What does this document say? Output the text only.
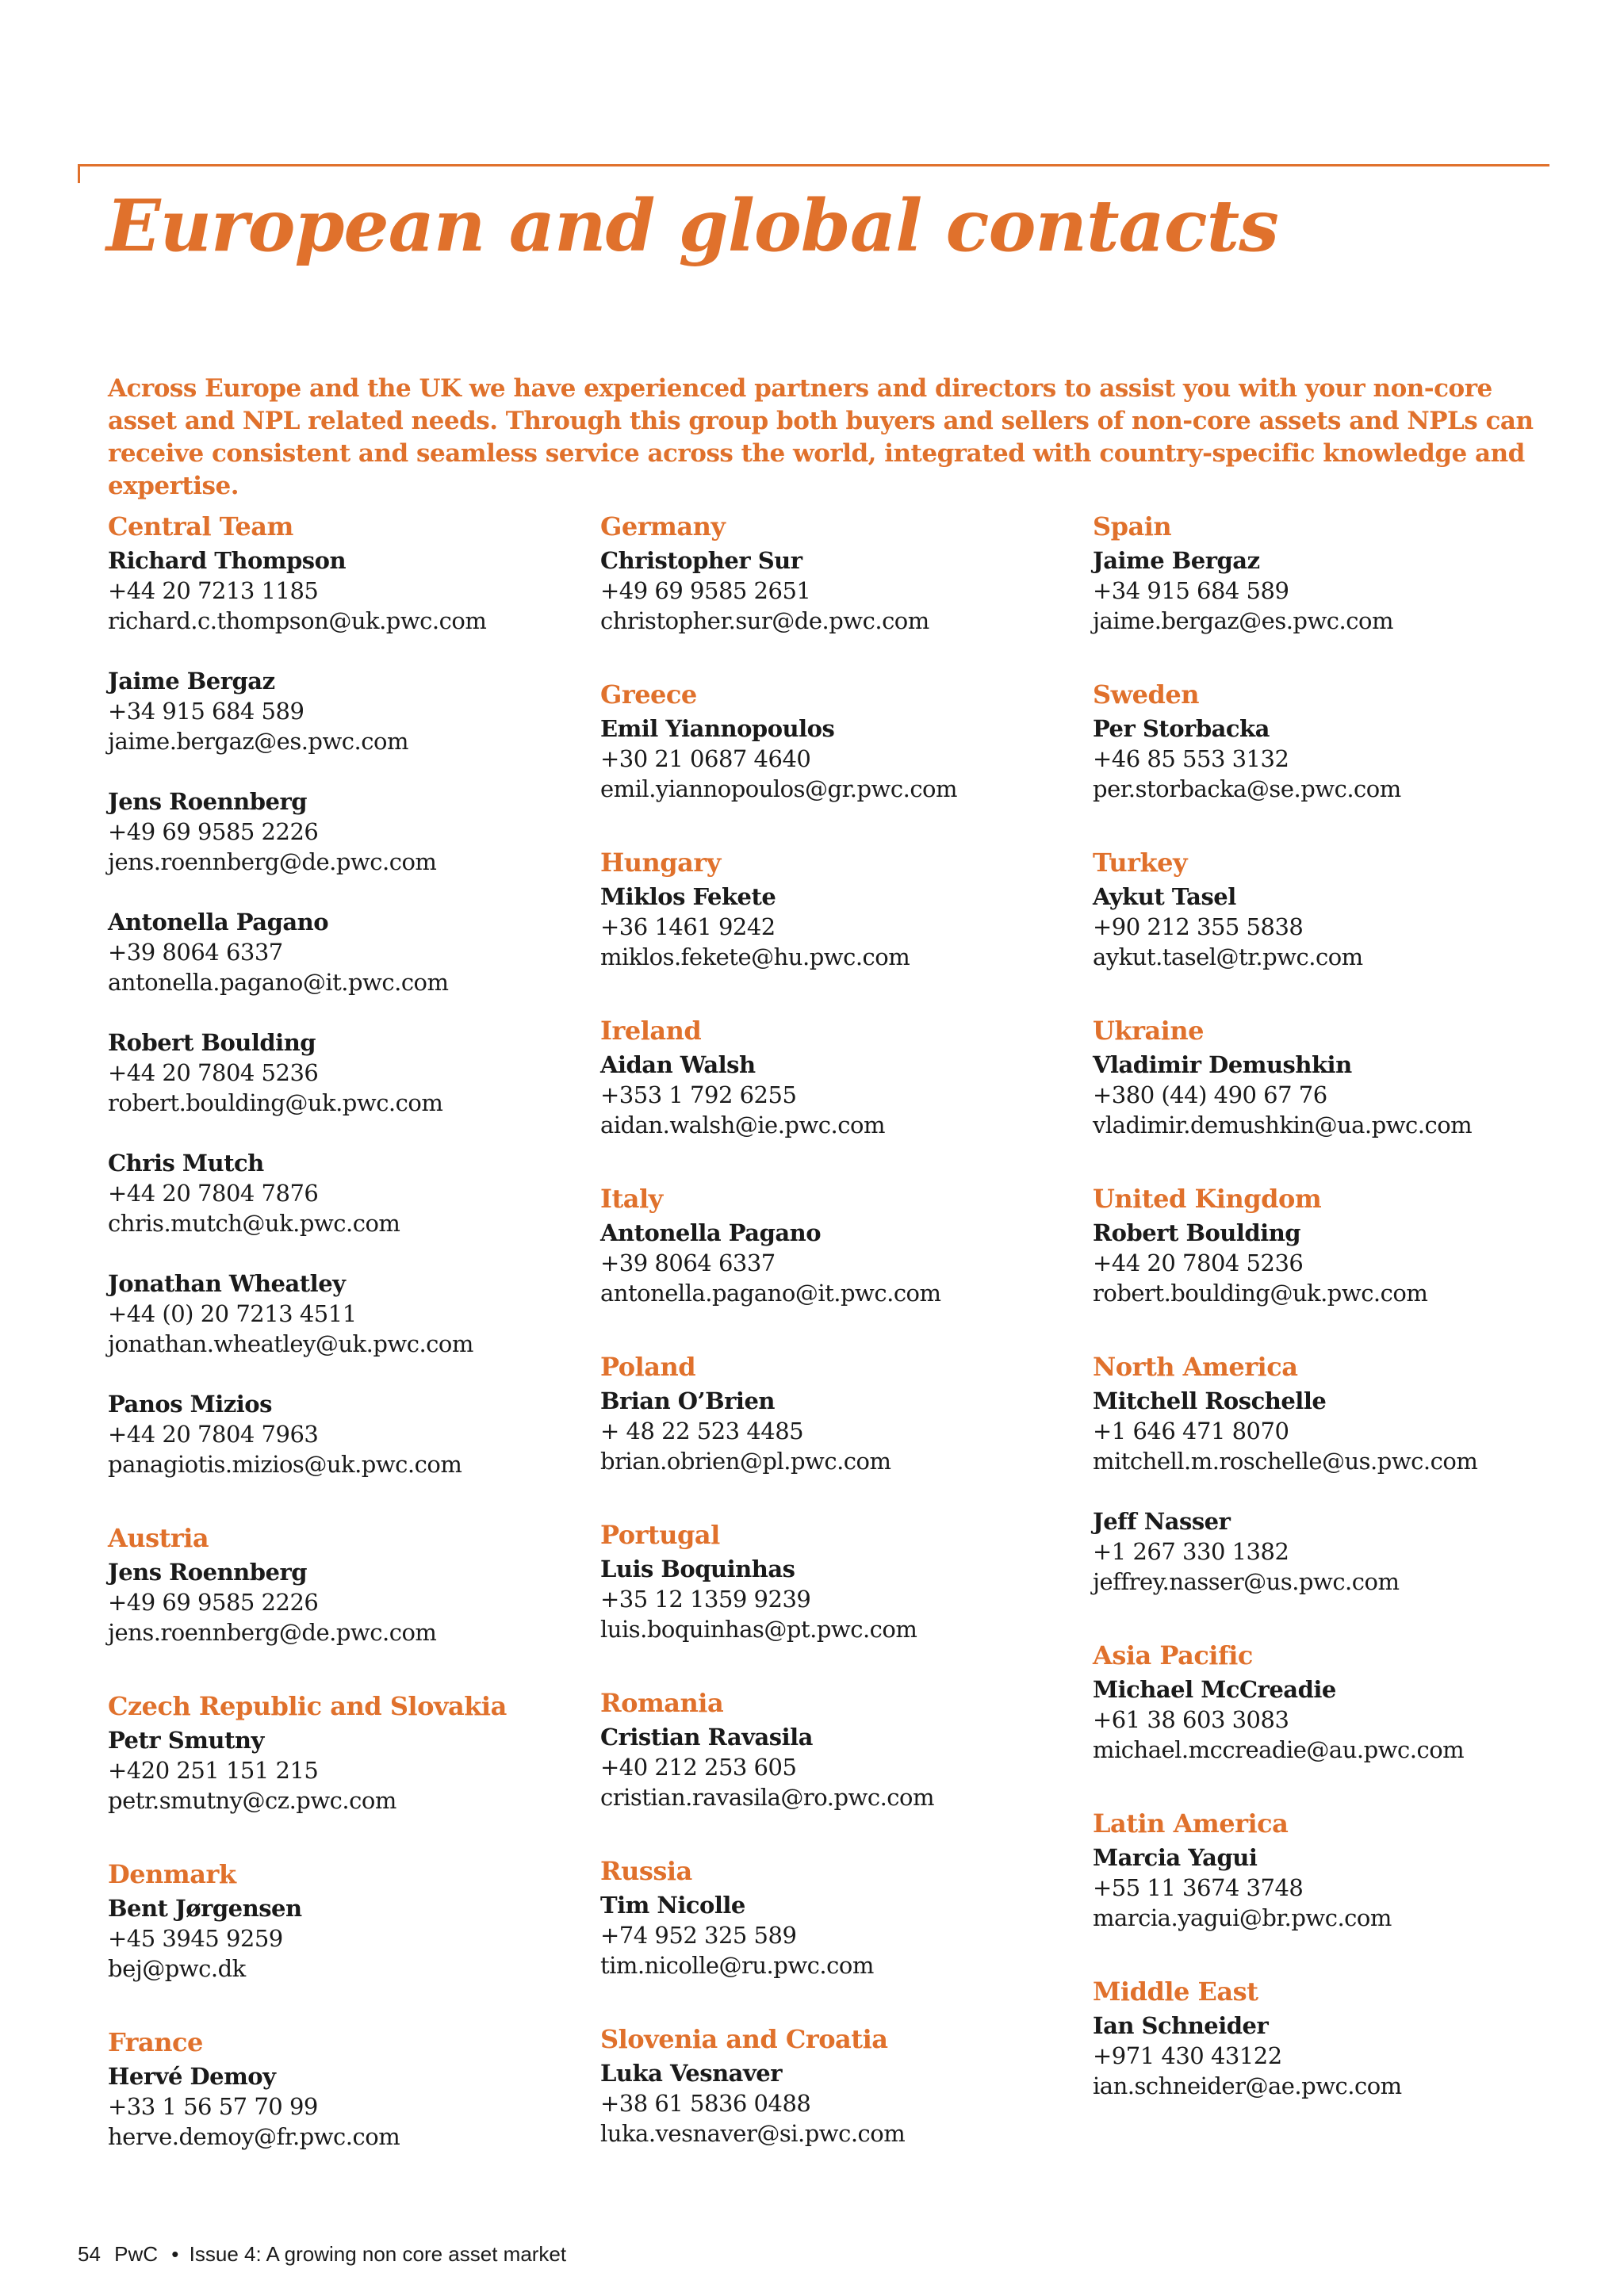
European and global contacts

Across Europe and the UK we have experienced partners and directors to assist you with your non-core asset and NPL related needs. Through this group both buyers and sellers of non-core assets and NPLs can receive consistent and seamless service across the world, integrated with country-specific knowledge and expertise.

Central Team
Richard Thompson
+44 20 7213 1185
richard.c.thompson@uk.pwc.com
Jaime Bergaz
+34 915 684 589
jaime.bergaz@es.pwc.com
Jens Roennberg
+49 69 9585 2226
jens.roennberg@de.pwc.com
Antonella Pagano
+39 8064 6337
antonella.pagano@it.pwc.com
Robert Boulding
+44 20 7804 5236
robert.boulding@uk.pwc.com
Chris Mutch
+44 20 7804 7876
chris.mutch@uk.pwc.com
Jonathan Wheatley
+44 (0) 20 7213 4511
jonathan.wheatley@uk.pwc.com
Panos Mizios
+44 20 7804 7963
panagiotis.mizios@uk.pwc.com
Austria
Jens Roennberg
+49 69 9585 2226
jens.roennberg@de.pwc.com
Czech Republic and Slovakia
Petr Smutny
+420 251 151 215
petr.smutny@cz.pwc.com
Denmark
Bent Jørgensen
+45 3945 9259
bej@pwc.dk
France
Hervé Demoy
+33 1 56 57 70 99
herve.demoy@fr.pwc.com
Germany
Christopher Sur
+49 69 9585 2651
christopher.sur@de.pwc.com
Greece
Emil Yiannopoulos
+30 21 0687 4640
emil.yiannopoulos@gr.pwc.com
Hungary
Miklos Fekete
+36 1461 9242
miklos.fekete@hu.pwc.com
Ireland
Aidan Walsh
+353 1 792 6255
aidan.walsh@ie.pwc.com
Italy
Antonella Pagano
+39 8064 6337
antonella.pagano@it.pwc.com
Poland
Brian O’Brien
+ 48 22 523 4485
brian.obrien@pl.pwc.com
Portugal
Luis Boquinhas
+35 12 1359 9239
luis.boquinhas@pt.pwc.com
Romania
Cristian Ravasila
+40 212 253 605
cristian.ravasila@ro.pwc.com
Russia
Tim Nicolle
+74 952 325 589
tim.nicolle@ru.pwc.com
Slovenia and Croatia
Luka Vesnaver
+38 61 5836 0488
luka.vesnaver@si.pwc.com
Spain
Jaime Bergaz
+34 915 684 589
jaime.bergaz@es.pwc.com
Sweden
Per Storbacka
+46 85 553 3132
per.storbacka@se.pwc.com
Turkey
Aykut Tasel
+90 212 355 5838
aykut.tasel@tr.pwc.com
Ukraine
Vladimir Demushkin
+380 (44) 490 67 76
vladimir.demushkin@ua.pwc.com
United Kingdom
Robert Boulding
+44 20 7804 5236
robert.boulding@uk.pwc.com
North America
Mitchell Roschelle
+1 646 471 8070
mitchell.m.roschelle@us.pwc.com
Jeff Nasser
+1 267 330 1382
jeffrey.nasser@us.pwc.com
Asia Pacific
Michael McCreadie
+61 38 603 3083
michael.mccreadie@au.pwc.com
Latin America
Marcia Yagui
+55 11 3674 3748
marcia.yagui@br.pwc.com
Middle East
Ian Schneider
+971 430 43122
ian.schneider@ae.pwc.com
54 PwC • Issue 4: A growing non core asset market
